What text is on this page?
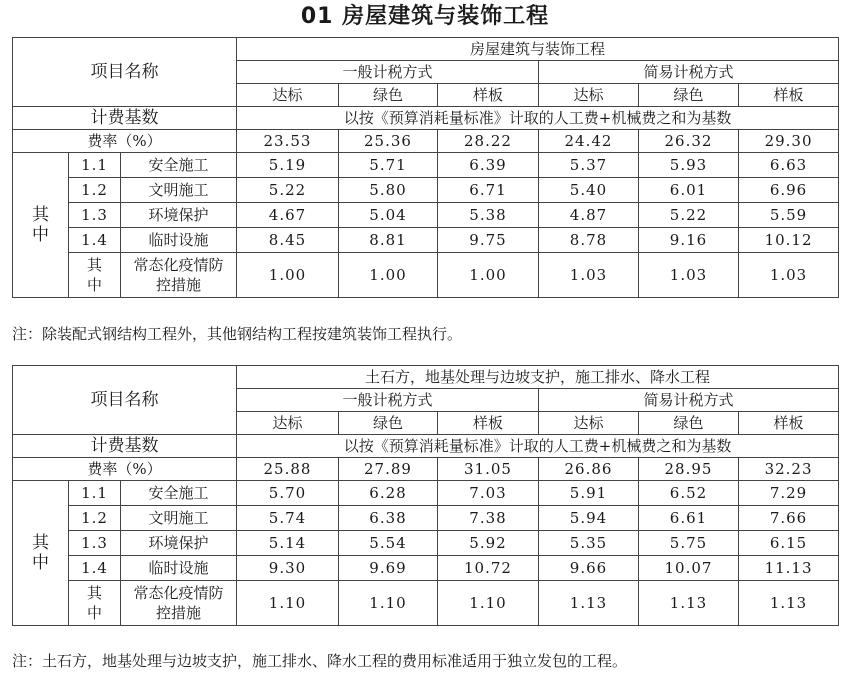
01 房屋建筑与装饰工程
项目名称			房屋建筑与装饰工程					
			一般计税方式			简易计税方式		
			达标	绿色	样板	达标	绿色	样板
计费基数			以按《预算消耗量标准》计取的人工费+机械费之和为基数					
费率（%）			23.53	25.36	28.22	24.42	26.32	29.30
其中	1.1	安全施工	5.19	5.71	6.39	5.37	5.93	6.63
	1.2	文明施工	5.22	5.80	6.71	5.40	6.01	6.96
	1.3	环境保护	4.67	5.04	5.38	4.87	5.22	5.59
	1.4	临时设施	8.45	8.81	9.75	8.78	9.16	10.12
	其中	常态化疫情防控措施	1.00	1.00	1.00	1.03	1.03	1.03
注：除装配式钢结构工程外，其他钢结构工程按建筑装饰工程执行。
项目名称			土石方，地基处理与边坡支护，施工排水、降水工程					
			一般计税方式			简易计税方式		
			达标	绿色	样板	达标	绿色	样板
计费基数			以按《预算消耗量标准》计取的人工费+机械费之和为基数					
费率（%）			25.88	27.89	31.05	26.86	28.95	32.23
其中	1.1	安全施工	5.70	6.28	7.03	5.91	6.52	7.29
	1.2	文明施工	5.74	6.38	7.38	5.94	6.61	7.66
	1.3	环境保护	5.14	5.54	5.92	5.35	5.75	6.15
	1.4	临时设施	9.30	9.69	10.72	9.66	10.07	11.13
	其中	常态化疫情防控措施	1.10	1.10	1.10	1.13	1.13	1.13
注：土石方，地基处理与边坡支护，施工排水、降水工程的费用标准适用于独立发包的工程。
